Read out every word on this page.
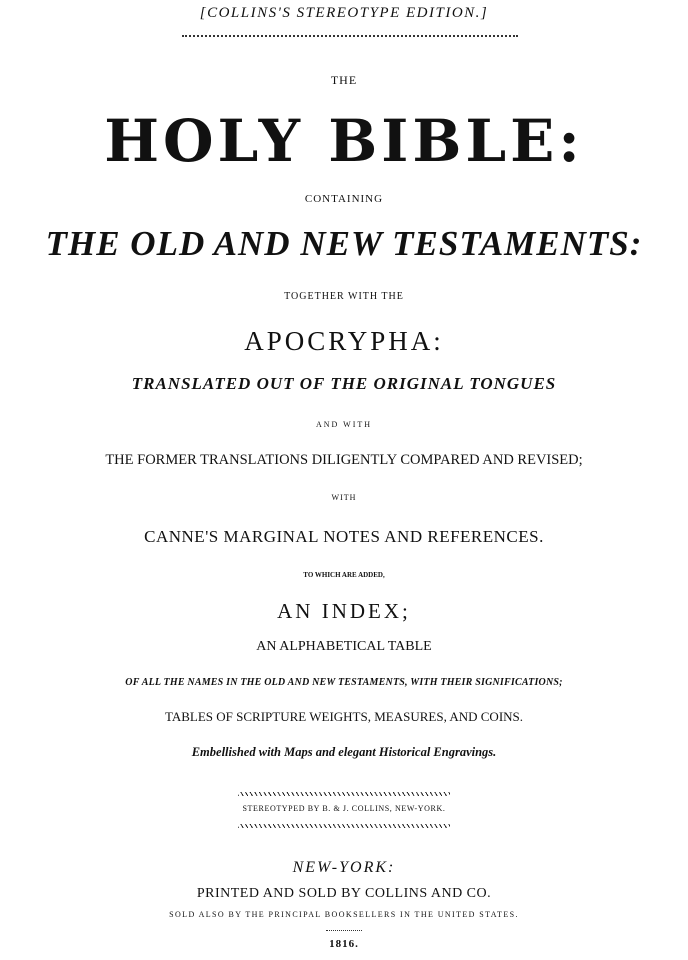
[COLLINS'S STEREOTYPE EDITION.]
THE
HOLY BIBLE:
CONTAINING
THE OLD AND NEW TESTAMENTS:
TOGETHER WITH THE
APOCRYPHA:
TRANSLATED OUT OF THE ORIGINAL TONGUES
AND WITH
THE FORMER TRANSLATIONS DILIGENTLY COMPARED AND REVISED;
WITH
CANNE'S MARGINAL NOTES AND REFERENCES.
TO WHICH ARE ADDED,
AN INDEX;
AN ALPHABETICAL TABLE
OF ALL THE NAMES IN THE OLD AND NEW TESTAMENTS, WITH THEIR SIGNIFICATIONS;
TABLES OF SCRIPTURE WEIGHTS, MEASURES, AND COINS.
Embellished with Maps and elegant Historical Engravings.
STEREOTYPED BY B. & J. COLLINS, NEW-YORK.
NEW-YORK:
PRINTED AND SOLD BY COLLINS AND CO.
SOLD ALSO BY THE PRINCIPAL BOOKSELLERS IN THE UNITED STATES.
1816.
